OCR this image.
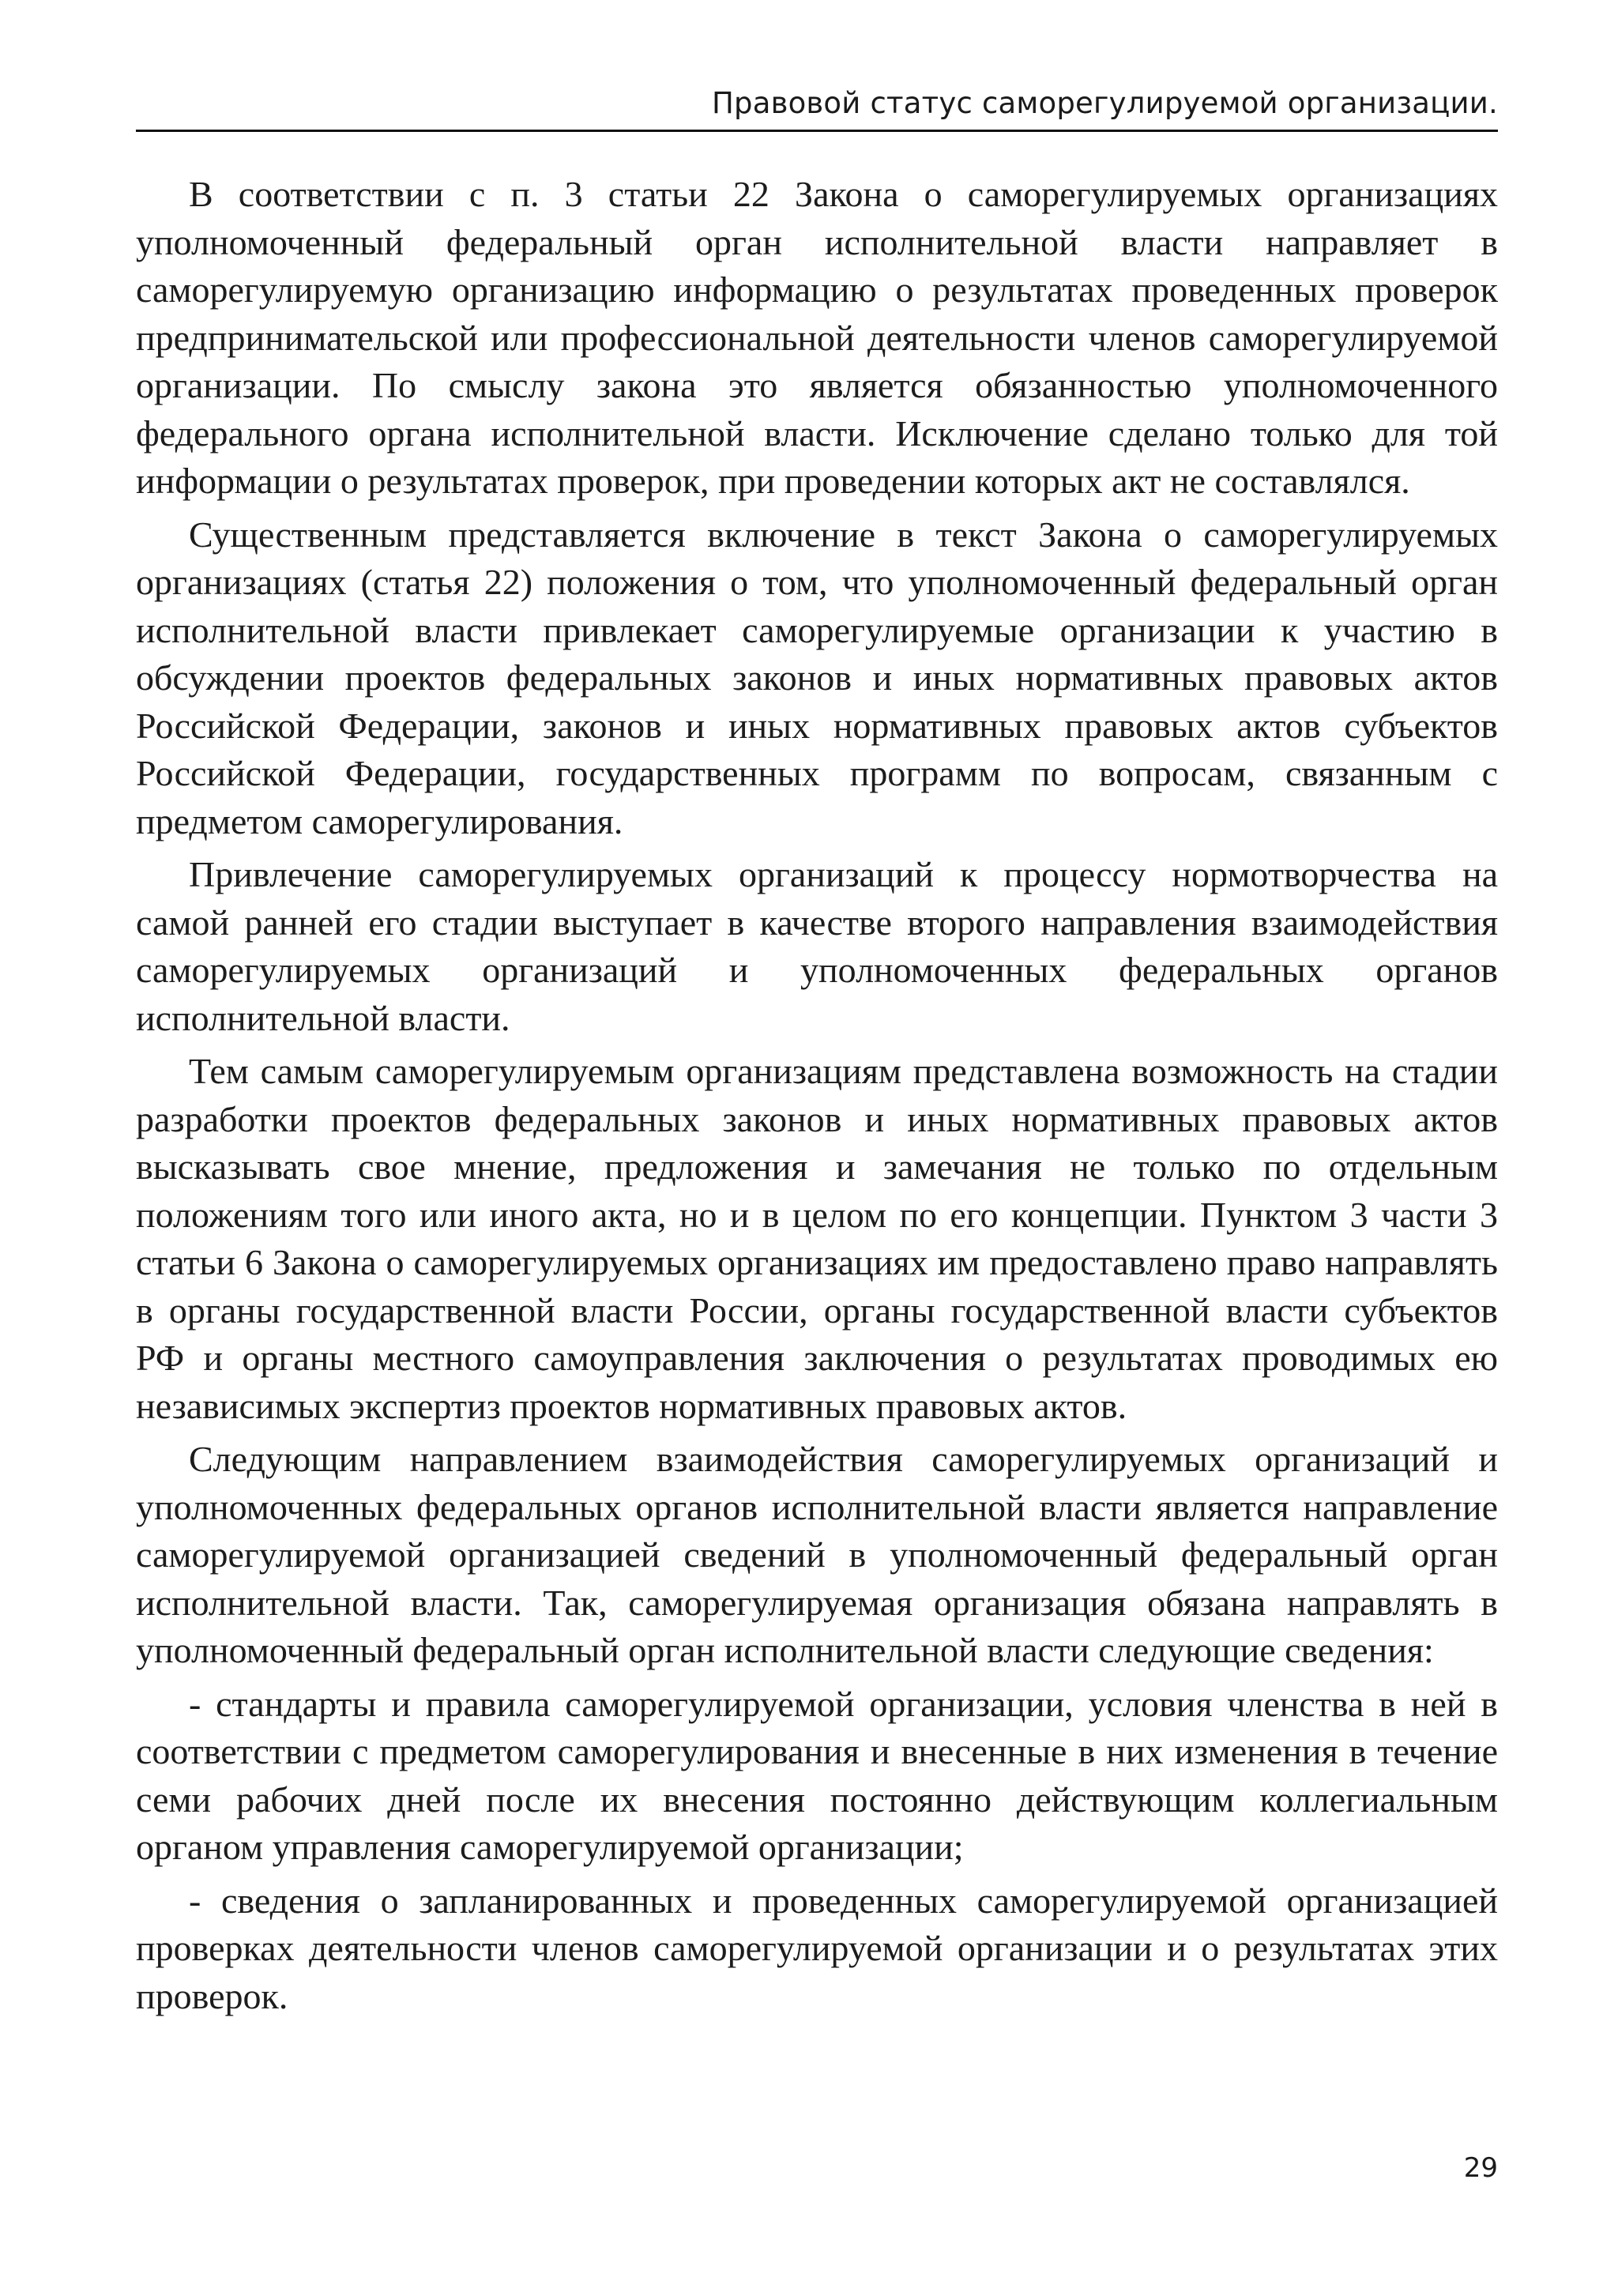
Правовой статус саморегулируемой организации.

В соответствии с п. 3 статьи 22 Закона о саморегулируемых организациях уполномоченный федеральный орган исполнительной власти направляет в саморегулируемую организацию информацию о результатах проведенных проверок предпринимательской или профессиональной деятельности членов саморегулируемой организации. По смыслу закона это является обязанностью уполномоченного федерального органа исполнительной власти. Исключение сделано только для той информации о результатах проверок, при проведении которых акт не составлялся.

Существенным представляется включение в текст Закона о саморегулируемых организациях (статья 22) положения о том, что уполномоченный федеральный орган исполнительной власти привлекает саморегулируемые организации к участию в обсуждении проектов федеральных законов и иных нормативных правовых актов Российской Федерации, законов и иных нормативных правовых актов субъектов Российской Федерации, государственных программ по вопросам, связанным с предметом саморегулирования.

Привлечение саморегулируемых организаций к процессу нормотворчества на самой ранней его стадии выступает в качестве второго направления взаимодействия саморегулируемых организаций и уполномоченных федеральных органов исполнительной власти.

Тем самым саморегулируемым организациям представлена возможность на стадии разработки проектов федеральных законов и иных нормативных правовых актов высказывать свое мнение, предложения и замечания не только по отдельным положениям того или иного акта, но и в целом по его концепции. Пунктом 3 части 3 статьи 6 Закона о саморегулируемых организациях им предоставлено право направлять в органы государственной власти России, органы государственной власти субъектов РФ и органы местного самоуправления заключения о результатах проводимых ею независимых экспертиз проектов нормативных правовых актов.

Следующим направлением взаимодействия саморегулируемых организаций и уполномоченных федеральных органов исполнительной власти является направление саморегулируемой организацией сведений в уполномоченный федеральный орган исполнительной власти. Так, саморегулируемая организация обязана направлять в уполномоченный федеральный орган исполнительной власти следующие сведения:

- стандарты и правила саморегулируемой организации, условия членства в ней в соответствии с предметом саморегулирования и внесенные в них изменения в течение семи рабочих дней после их внесения постоянно действующим коллегиальным органом управления саморегулируемой организации;

- сведения о запланированных и проведенных саморегулируемой организацией проверках деятельности членов саморегулируемой организации и о результатах этих проверок.

29
